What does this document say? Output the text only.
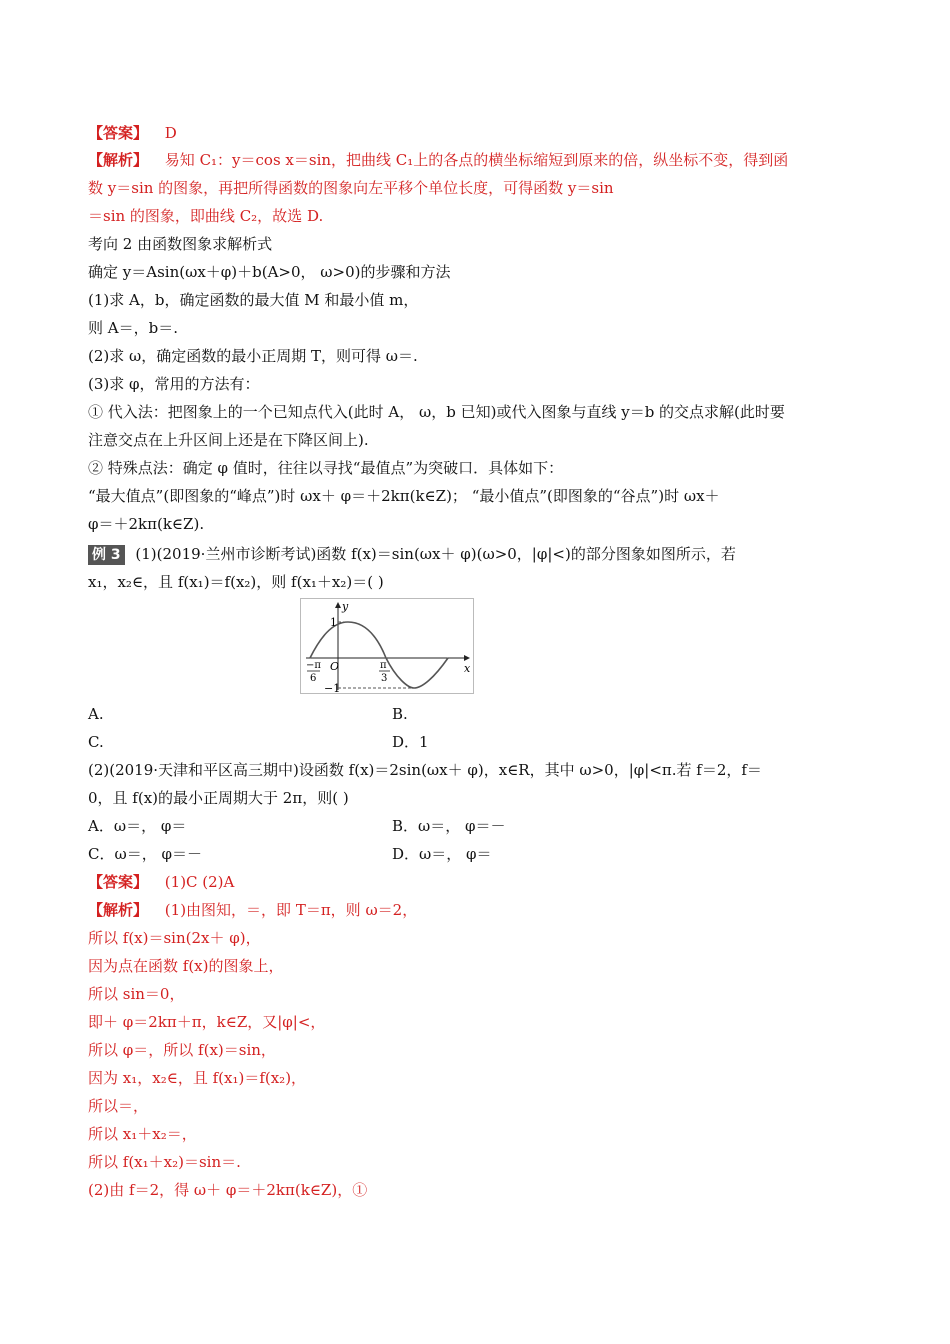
【答案】 D
【解析】 易知 C₁：y＝cos x＝sin，把曲线 C₁上的各点的横坐标缩短到原来的倍，纵坐标不变，得到函
数 y＝sin 的图象，再把所得函数的图象向左平移个单位长度，可得函数 y＝sin
＝sin 的图象，即曲线 C₂，故选 D.
考向 2 由函数图象求解析式
确定 y＝Asin(ωx＋φ)＋b(A>0， ω>0)的步骤和方法
(1)求 A，b，确定函数的最大值 M 和最小值 m，
则 A＝，b＝.
(2)求 ω，确定函数的最小正周期 T，则可得 ω＝.
(3)求 φ，常用的方法有：
① 代入法：把图象上的一个已知点代入(此时 A， ω，b 已知)或代入图象与直线 y＝b 的交点求解(此时要
注意交点在上升区间上还是在下降区间上).
② 特殊点法：确定 φ 值时，往往以寻找“最值点”为突破口．具体如下：
“最大值点”(即图象的“峰点”)时 ωx＋ φ＝＋2kπ(k∈Z)； “最小值点”(即图象的“谷点”)时 ωx＋
φ＝＋2kπ(k∈Z).
例 3 (1)(2019·兰州市诊断考试)函数 f(x)＝sin(ωx＋ φ)(ω>0，|φ|<)的部分图象如图所示，若
x₁，x₂∈，且 f(x₁)＝f(x₂)，则 f(x₁＋x₂)＝( )
y
x
1
−1
O
−π
6
π
3
A.	B.
C.	D．1
(2)(2019·天津和平区高三期中)设函数 f(x)＝2sin(ωx＋ φ)，x∈R，其中 ω>0，|φ|<π.若 f＝2，f＝
0，且 f(x)的最小正周期大于 2π，则( )
A．ω＝， φ＝	B．ω＝， φ＝－
C．ω＝， φ＝－	D．ω＝， φ＝
【答案】 (1)C (2)A
【解析】 (1)由图知，＝，即 T＝π，则 ω＝2，
所以 f(x)＝sin(2x＋ φ)，
因为点在函数 f(x)的图象上，
所以 sin＝0，
即＋ φ＝2kπ＋π，k∈Z，又|φ|<，
所以 φ＝，所以 f(x)＝sin，
因为 x₁，x₂∈，且 f(x₁)＝f(x₂)，
所以＝，
所以 x₁＋x₂＝，
所以 f(x₁＋x₂)＝sin＝.
(2)由 f＝2，得 ω＋ φ＝＋2kπ(k∈Z)，①
